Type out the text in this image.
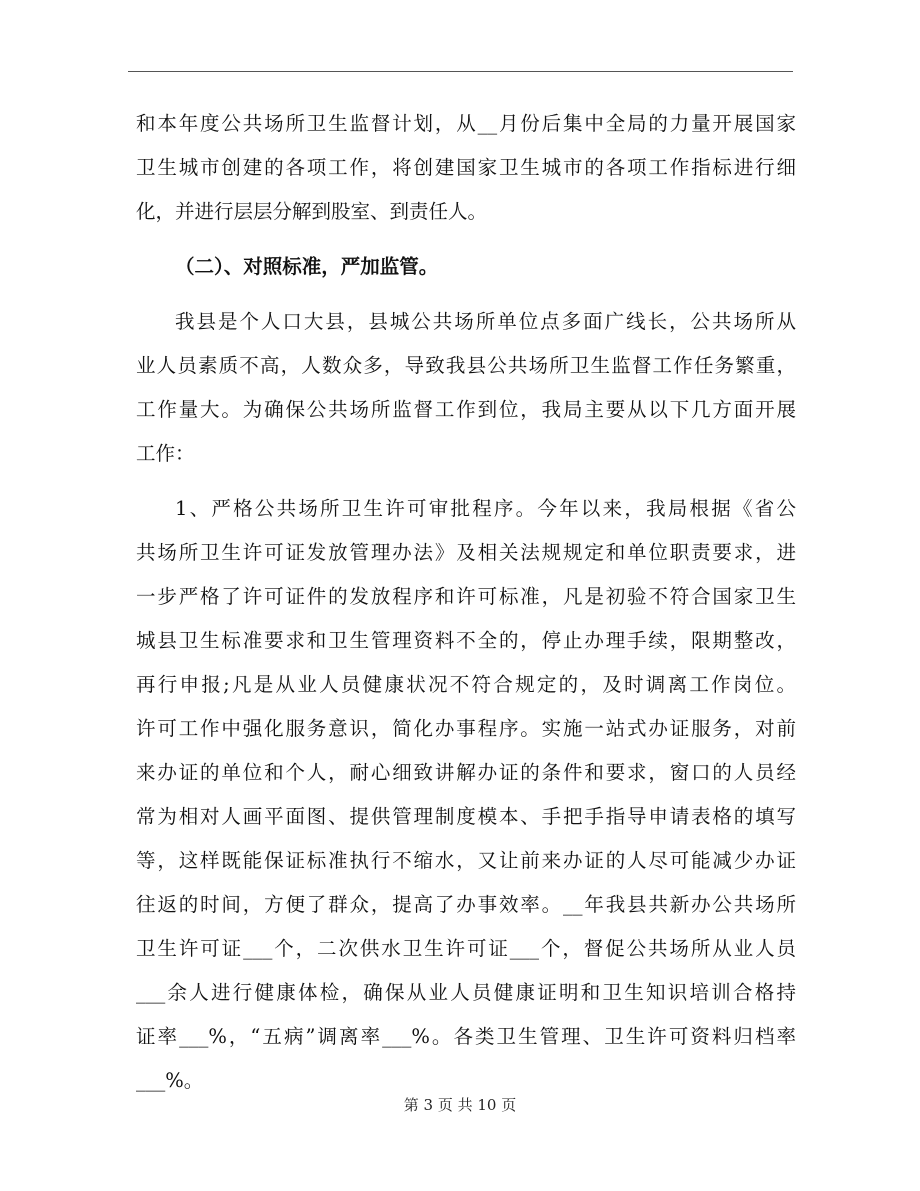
和本年度公共场所卫生监督计划，从__月份后集中全局的力量开展国家
卫生城市创建的各项工作，将创建国家卫生城市的各项工作指标进行细
化，并进行层层分解到股室、到责任人。
（二）、对照标准，严加监管。
我县是个人口大县，县城公共场所单位点多面广线长，公共场所从
业人员素质不高，人数众多，导致我县公共场所卫生监督工作任务繁重，
工作量大。为确保公共场所监督工作到位，我局主要从以下几方面开展
工作：
1、严格公共场所卫生许可审批程序。今年以来，我局根据《省公
共场所卫生许可证发放管理办法》及相关法规规定和单位职责要求，进
一步严格了许可证件的发放程序和许可标准，凡是初验不符合国家卫生
城县卫生标准要求和卫生管理资料不全的，停止办理手续，限期整改，
再行申报;凡是从业人员健康状况不符合规定的，及时调离工作岗位。
许可工作中强化服务意识，简化办事程序。实施一站式办证服务，对前
来办证的单位和个人，耐心细致讲解办证的条件和要求，窗口的人员经
常为相对人画平面图、提供管理制度模本、手把手指导申请表格的填写
等，这样既能保证标准执行不缩水，又让前来办证的人尽可能减少办证
往返的时间，方便了群众，提高了办事效率。__年我县共新办公共场所
卫生许可证___个，二次供水卫生许可证___个，督促公共场所从业人员
___余人进行健康体检，确保从业人员健康证明和卫生知识培训合格持
证率___%，“五病”调离率___%。各类卫生管理、卫生许可资料归档率
___%。
第 3 页 共 10 页
